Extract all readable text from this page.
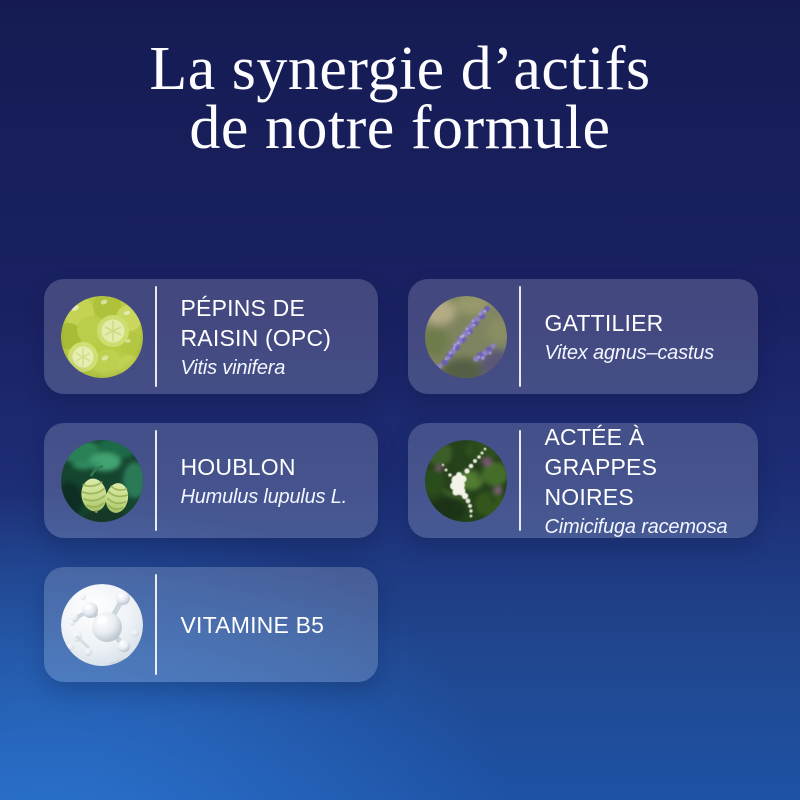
La synergie d’actifs
de notre formule
PÉPINS DE RAISIN (OPC)
Vitis vinifera
GATTILIER
Vitex agnus–castus
HOUBLON
Humulus lupulus L.
ACTÉE À GRAPPES NOIRES
Cimicifuga racemosa
VITAMINE B5
